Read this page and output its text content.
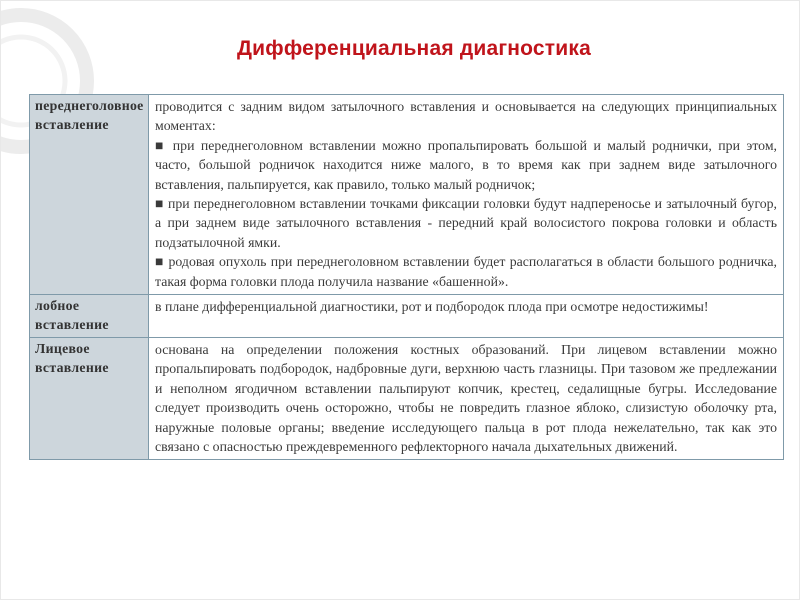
Дифференциальная диагностика
переднеголовное вставление	проводится с задним видом затылочного вставления и основывается на следующих принципиальных моментах:
■ при переднеголовном вставлении можно пропальпировать большой и малый роднички, при этом, часто, большой родничок находится ниже малого, в то время как при заднем виде затылочного вставления, пальпируется, как правило, только малый родничок;
■ при переднеголовном вставлении точками фиксации головки будут надпереносье и затылочный бугор, а при заднем виде затылочного вставления - передний край волосистого покрова головки и область подзатылочной ямки.
■ родовая опухоль при переднеголовном вставлении будет располагаться в области большого родничка, такая форма головки плода получила название «башенной».

лобное вставление	в плане дифференциальной диагностики, рот и подбородок плода при осмотре недостижимы!

Лицевое вставление	основана на определении положения костных образований. При лицевом вставлении можно пропальпировать подбородок, надбровные дуги, верхнюю часть глазницы. При тазовом же предлежании и неполном ягодичном вставлении пальпируют копчик, крестец, седалищные бугры. Исследование следует производить очень осторожно, чтобы не повредить глазное яблоко, слизистую оболочку рта, наружные половые органы; введение исследующего пальца в рот плода нежелательно, так как это связано с опасностью преждевременного рефлекторного начала дыхательных движений.
